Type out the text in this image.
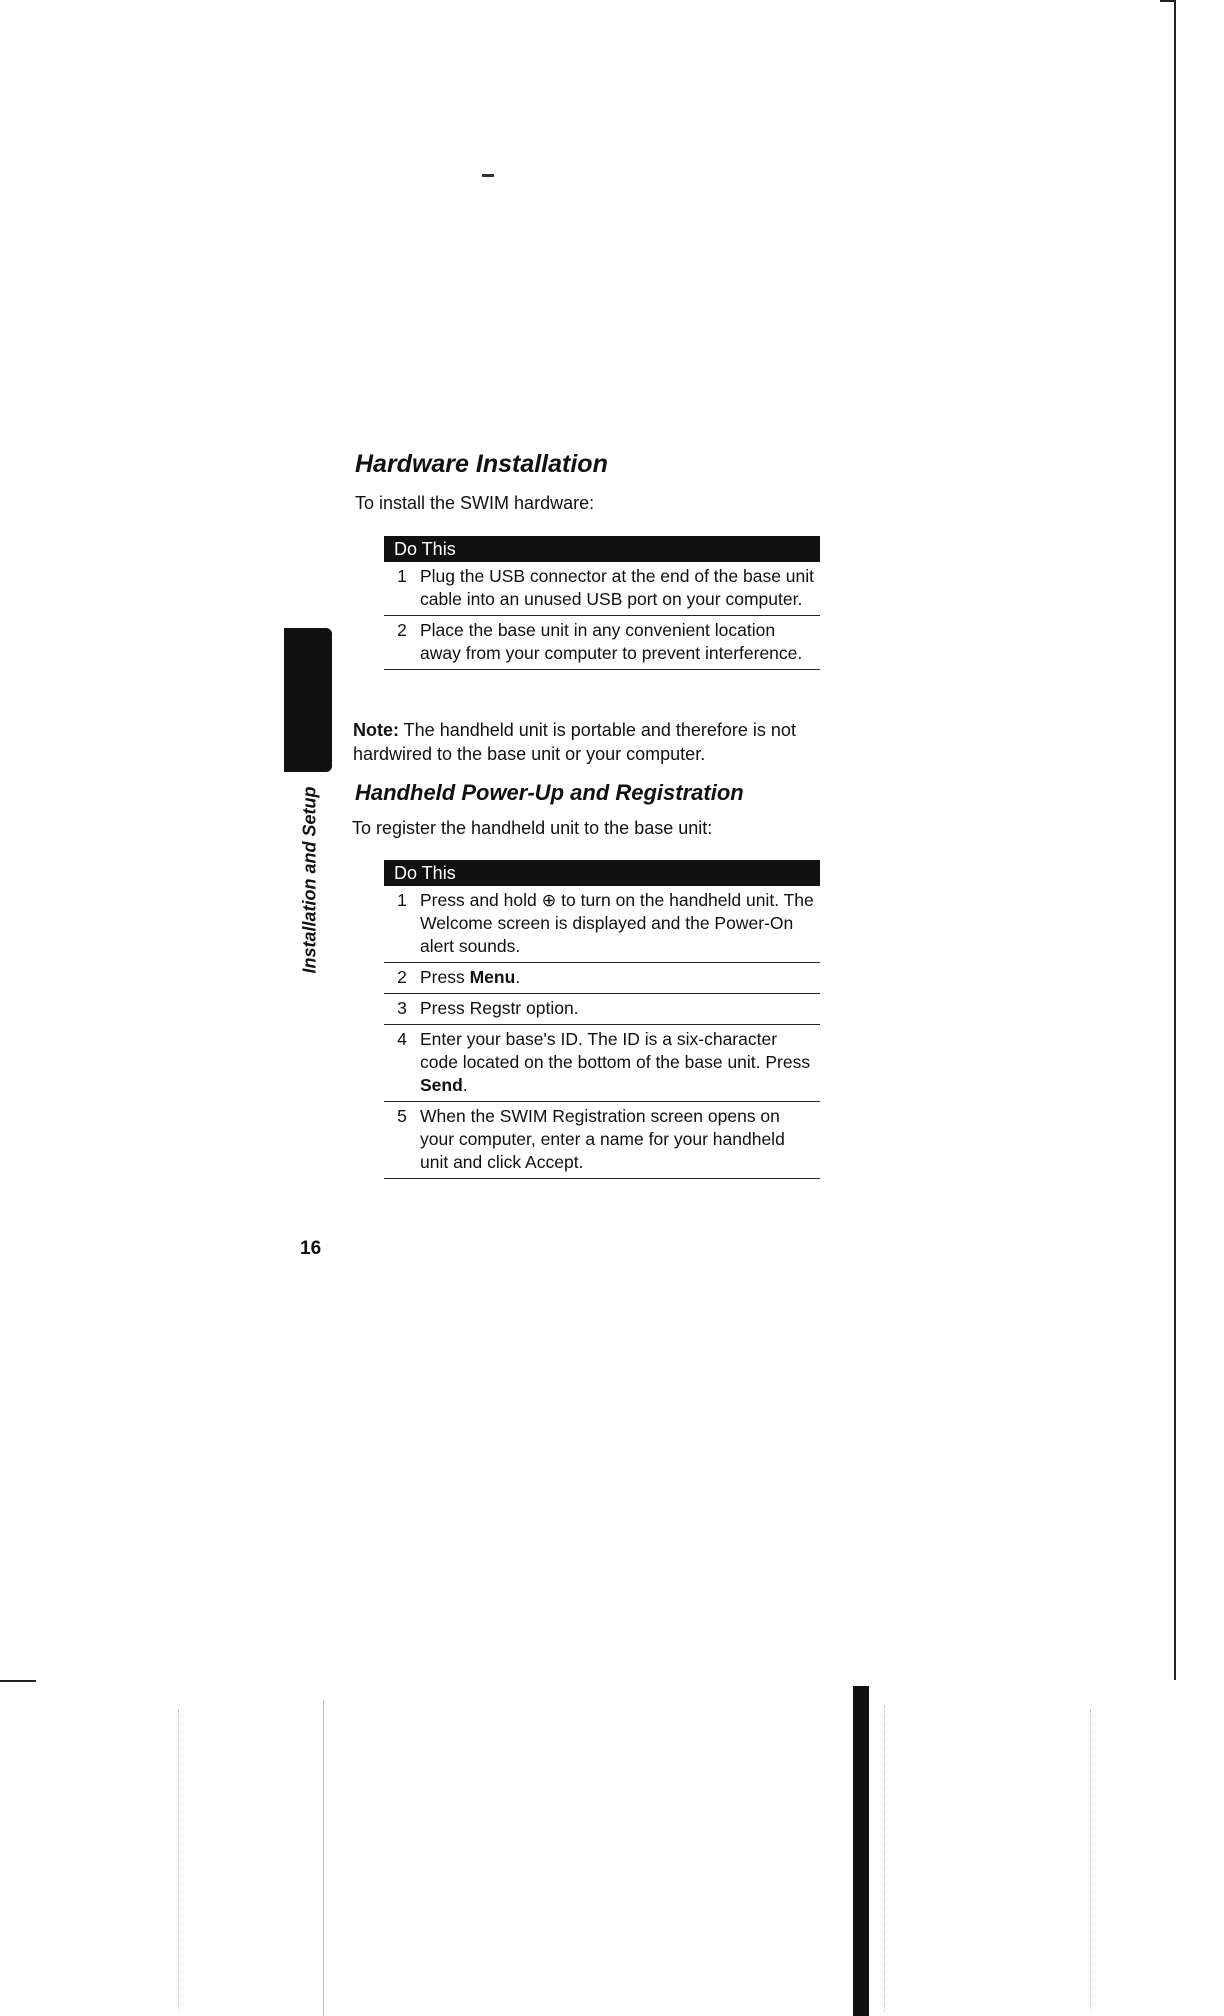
Installation and Setup
Hardware Installation

To install the SWIM hardware:

Do This
1 Plug the USB connector at the end of the base unit cable into an unused USB port on your computer.
2 Place the base unit in any convenient location away from your computer to prevent interference.

Note: The handheld unit is portable and therefore is not hardwired to the base unit or your computer.

Handheld Power-Up and Registration

To register the handheld unit to the base unit:

Do This
1 Press and hold ⊕ to turn on the handheld unit. The Welcome screen is displayed and the Power-On alert sounds.
2 Press Menu.
3 Press Regstr option.
4 Enter your base's ID. The ID is a six-character code located on the bottom of the base unit. Press Send.
5 When the SWIM Registration screen opens on your computer, enter a name for your handheld unit and click Accept.

16
